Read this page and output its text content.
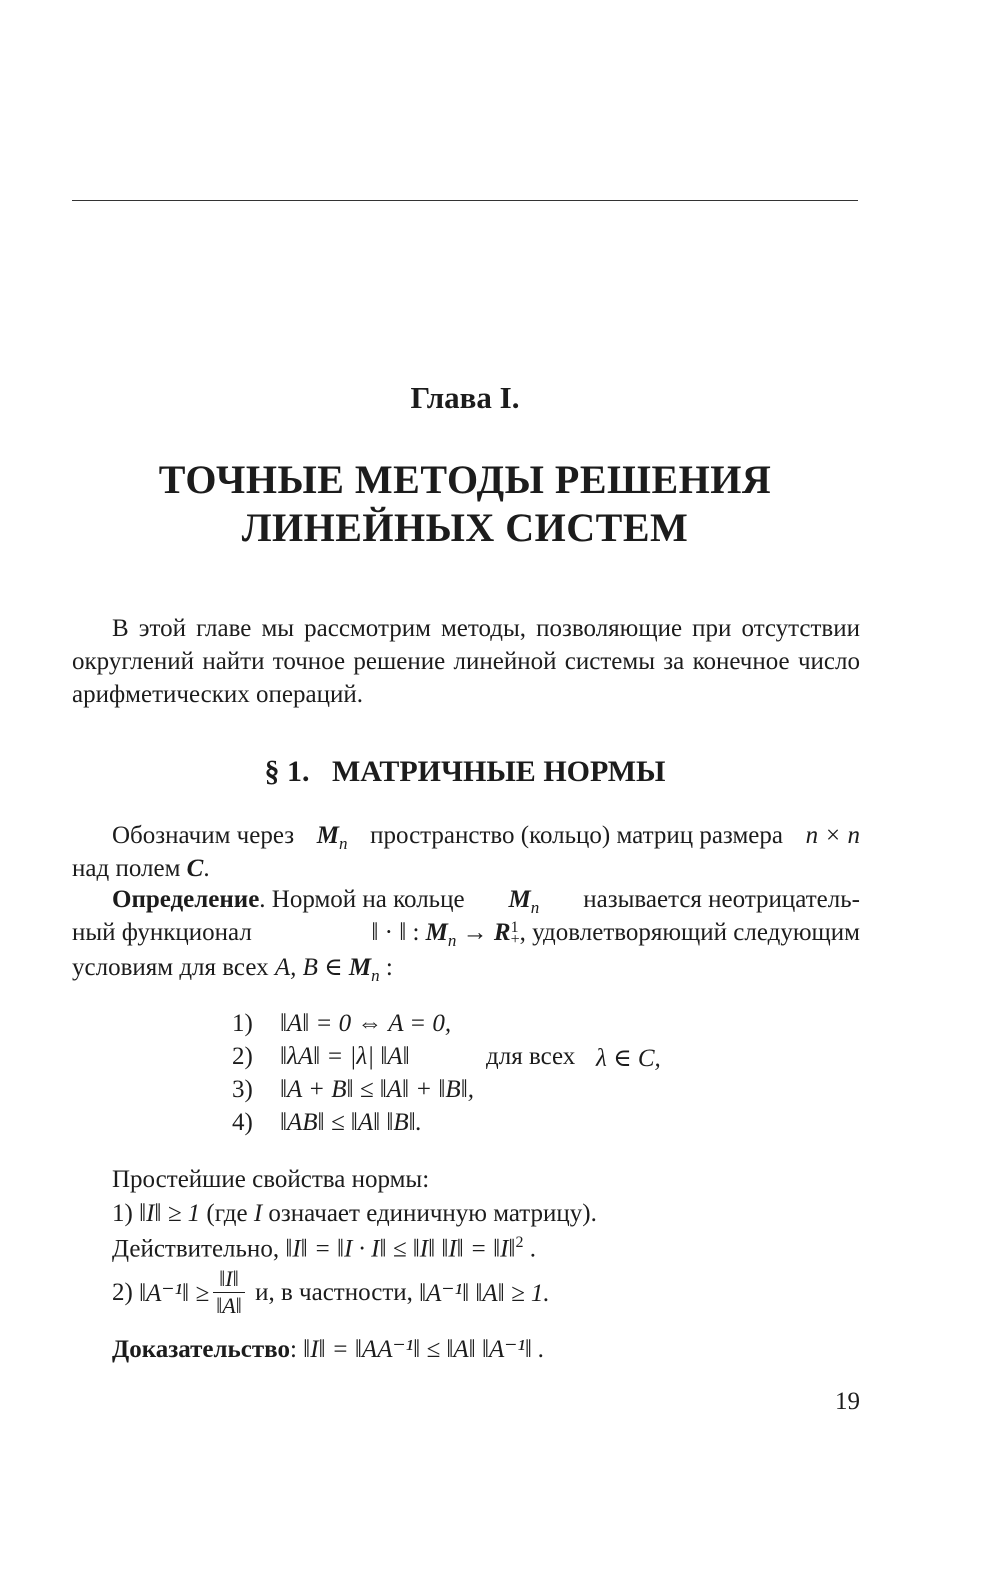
Глава I.
ТОЧНЫЕ МЕТОДЫ РЕШЕНИЯ
ЛИНЕЙНЫХ СИСТЕМ
В этой главе мы рассмотрим методы, позволяющие при отсутствии округлений найти точное решение линейной системы за конечное число арифметических операций.
§ 1.   МАТРИЧНЫЕ НОРМЫ
Обозначим через $M_n$ пространство (кольцо) матриц размера n × n
над полем C.
Определение. Нормой на кольце $M_n$ называется неотрицатель-
ный функционал	‖ · ‖ : $M_n \to R$ 1
+ , удовлетворяющий следующим
условиям для всех A, B ∈ $M_n$ :
1)	‖A‖ = 0 ⇔ A = 0,
2)	‖λA‖ = |λ| ‖A‖	для всех λ ∈ C,
3)	‖A + B‖ ≤ ‖A‖ + ‖B‖,
4)	‖AB‖ ≤ ‖A‖ ‖B‖.
Простейшие свойства нормы:
1) ‖I‖ ≥ 1 (где I означает единичную матрицу).
Действительно, ‖I‖ = ‖I · I‖ ≤ ‖I‖ ‖I‖ = ‖I‖$^2$ .
2)
‖A⁻¹‖ ≥ $\frac{‖I‖}{‖A‖}$
и, в частности,
‖A⁻¹‖ ‖A‖ ≥ 1.
Доказательство: ‖I‖ = ‖AA⁻¹‖ ≤ ‖A‖ ‖A⁻¹‖ .
19
